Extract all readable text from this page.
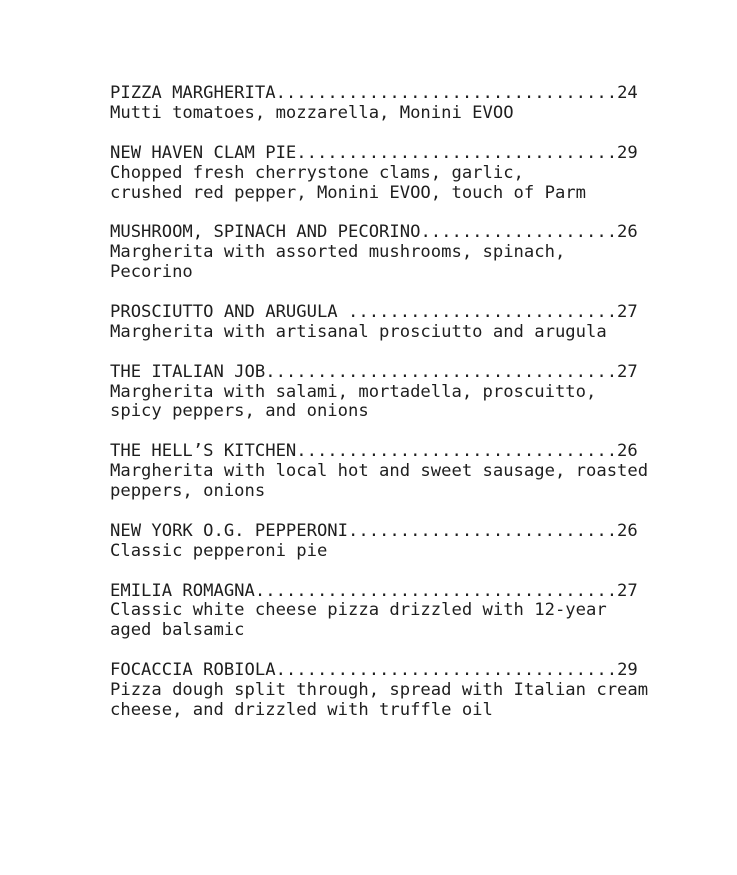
PIZZA MARGHERITA.................................24
Mutti tomatoes, mozzarella, Monini EVOO
NEW HAVEN CLAM PIE...............................29
Chopped fresh cherrystone clams, garlic,
crushed red pepper, Monini EVOO, touch of Parm
MUSHROOM, SPINACH AND PECORINO...................26
Margherita with assorted mushrooms, spinach,
Pecorino
PROSCIUTTO AND ARUGULA ..........................27
Margherita with artisanal prosciutto and arugula
THE ITALIAN JOB..................................27
Margherita with salami, mortadella, proscuitto,
spicy peppers, and onions
THE HELL’S KITCHEN...............................26
Margherita with local hot and sweet sausage, roasted
peppers, onions
NEW YORK O.G. PEPPERONI..........................26
Classic pepperoni pie
EMILIA ROMAGNA...................................27
Classic white cheese pizza drizzled with 12-year
aged balsamic
FOCACCIA ROBIOLA.................................29
Pizza dough split through, spread with Italian cream
cheese, and drizzled with truffle oil
